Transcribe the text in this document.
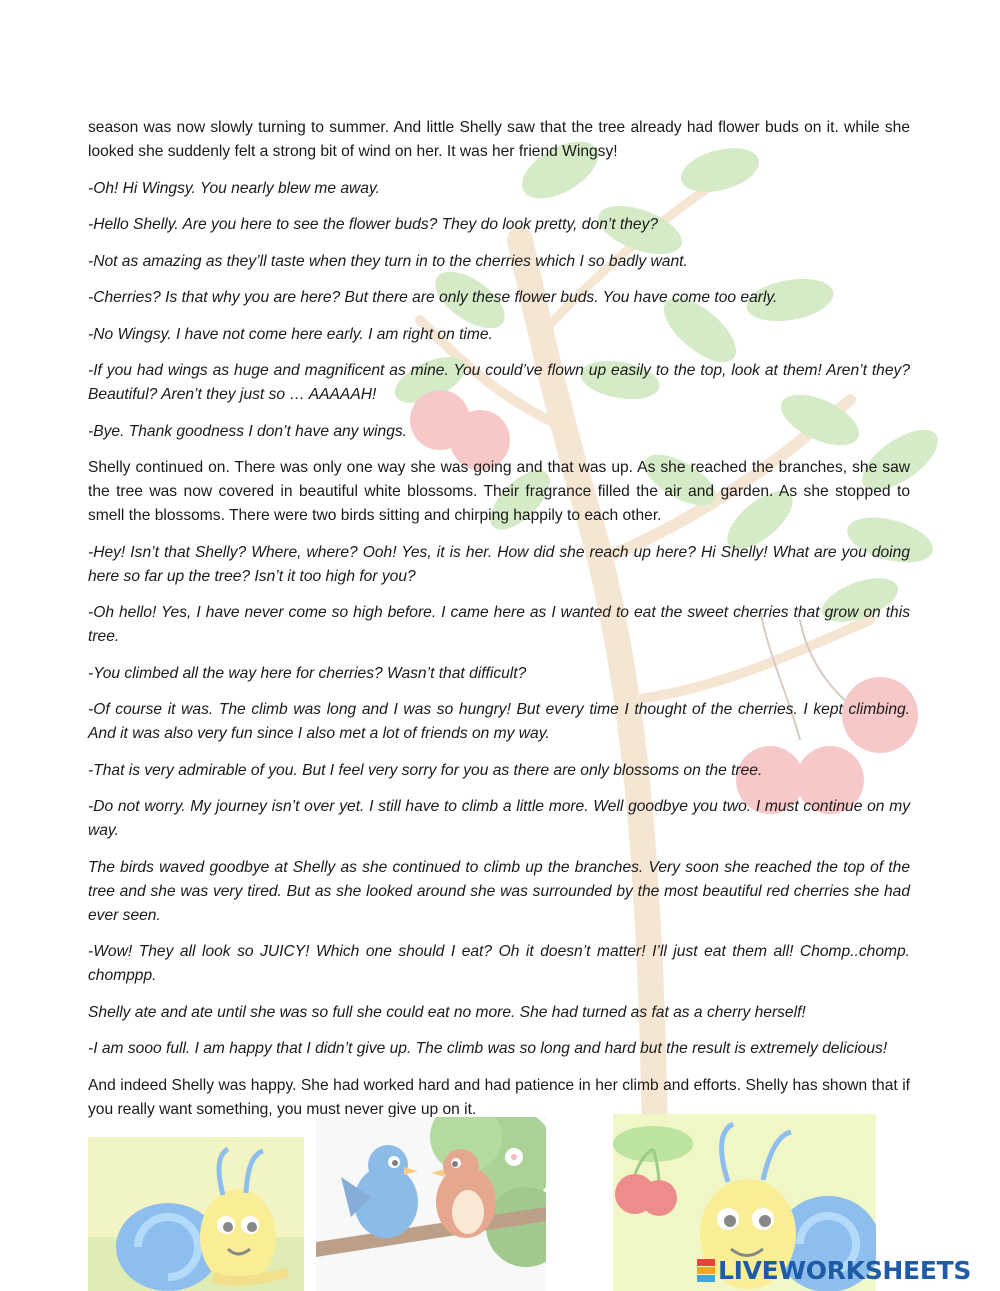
season was now slowly turning to summer. And little Shelly saw that the tree already had flower buds on it. while she looked she suddenly felt a strong bit of wind on her. It was her friend Wingsy!

-Oh! Hi Wingsy. You nearly blew me away.

-Hello Shelly. Are you here to see the flower buds? They do look pretty, don’t they?

-Not as amazing as they’ll taste when they turn in to the cherries which I so badly want.

-Cherries? Is that why you are here? But there are only these flower buds. You have come too early.

-No Wingsy. I have not come here early. I am right on time.

-If you had wings as huge and magnificent as mine. You could’ve flown up easily to the top, look at them! Aren’t they? Beautiful? Aren’t they just so … AAAAAH!

-Bye. Thank goodness I don’t have any wings.

Shelly continued on. There was only one way she was going and that was up. As she reached the branches, she saw the tree was now covered in beautiful white blossoms. Their fragrance filled the air and garden. As she stopped to smell the blossoms. There were two birds sitting and chirping happily to each other.

-Hey! Isn’t that Shelly? Where, where? Ooh! Yes, it is her. How did she reach up here? Hi Shelly! What are you doing here so far up the tree? Isn’t it too high for you?

-Oh hello! Yes, I have never come so high before. I came here as I wanted to eat the sweet cherries that grow on this tree.

-You climbed all the way here for cherries? Wasn’t that difficult?

-Of course it was. The climb was long and I was so hungry! But every time I thought of the cherries. I kept climbing. And it was also very fun since I also met a lot of friends on my way.

-That is very admirable of you. But I feel very sorry for you as there are only blossoms on the tree.

-Do not worry. My journey isn’t over yet. I still have to climb a little more. Well goodbye you two. I must continue on my way.

The birds waved goodbye at Shelly as she continued to climb up the branches. Very soon she reached the top of the tree and she was very tired. But as she looked around she was surrounded by the most beautiful red cherries she had ever seen.

-Wow! They all look so JUICY! Which one should I eat? Oh it doesn’t matter! I’ll just eat them all! Chomp..chomp. chomppp.

Shelly ate and ate until she was so full she could eat no more. She had turned as fat as a cherry herself!

-I am sooo full. I am happy that I didn’t give up. The climb was so long and hard but the result is extremely delicious!

And indeed Shelly was happy. She had worked hard and had patience in her climb and efforts. Shelly has shown that if you really want something, you must never give up on it.

LIVEWORKSHEETS
